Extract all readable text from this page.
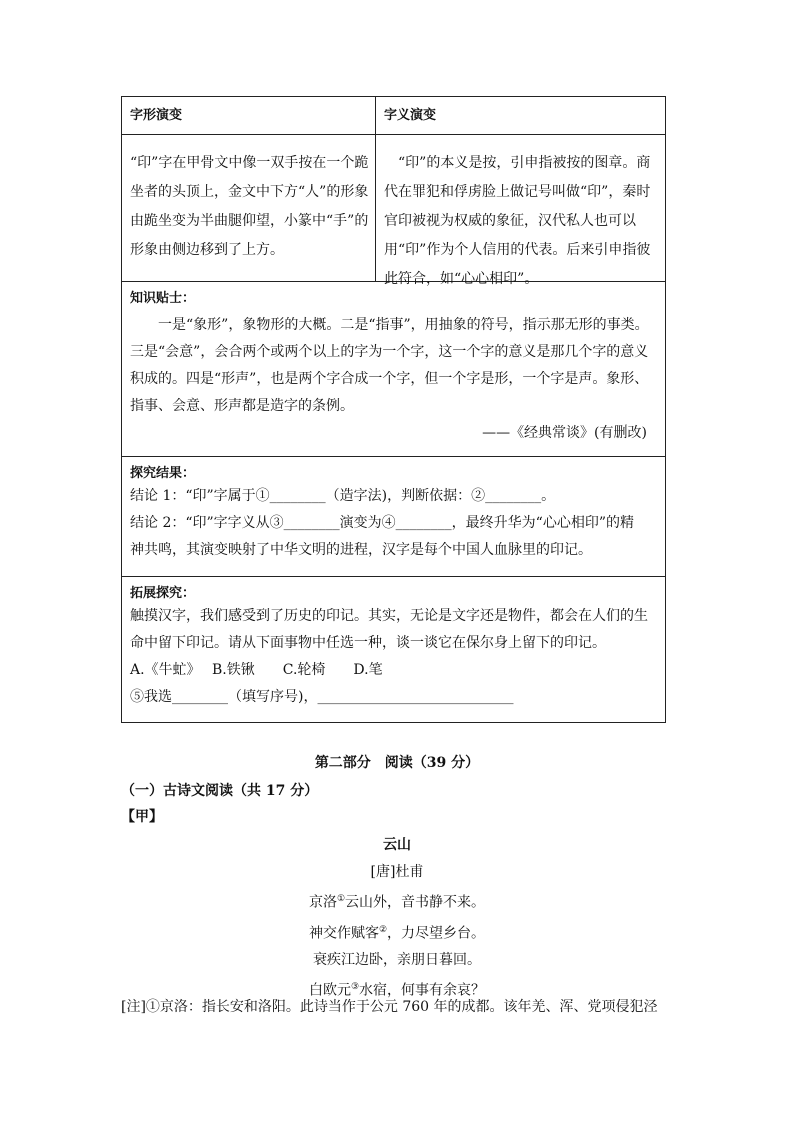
字形演变	字义演变
“印”字在甲骨文中像一双手按在一个跪坐者的头顶上，金文中下方“人”的形象由跪坐变为半曲腿仰望，小篆中“手”的形象由侧边移到了上方。
“印”的本义是按，引申指被按的图章。商代在罪犯和俘虏脸上做记号叫做“印”，秦时官印被视为权威的象征，汉代私人也可以用“印”作为个人信用的代表。后来引申指彼此符合，如“心心相印”。
知识贴士：
一是“象形”，象物形的大概。二是“指事”，用抽象的符号，指示那无形的事类。三是“会意”，会合两个或两个以上的字为一个字，这一个字的意义是那几个字的意义积成的。四是“形声”，也是两个字合成一个字，但一个字是形，一个字是声。象形、指事、会意、形声都是造字的条例。
——《经典常谈》(有删改)
探究结果：
结论 1：“印”字属于①________（造字法)，判断依据：②________。
结论 2：“印”字字义从③________演变为④________，最终升华为“心心相印”的精
神共鸣，其演变映射了中华文明的进程，汉字是每个中国人血脉里的印记。
拓展探究：
触摸汉字，我们感受到了历史的印记。其实，无论是文字还是物件，都会在人们的生
命中留下印记。请从下面事物中任选一种，谈一谈它在保尔身上留下的印记。
A.《牛虻》　 B.铁锹　　C.轮椅　　D.笔
⑤我选________（填写序号)，____________________________
第二部分　阅读（39 分）
（一）古诗文阅读（共 17 分）
【甲】
云山
[唐]杜甫
京洛①云山外，音书静不来。
神交作赋客②，力尽望乡台。
衰疾江边卧，亲朋日暮回。
白欧元③水宿，何事有余哀？
[注]①京洛：指长安和洛阳。此诗当作于公元 760 年的成都。该年羌、浑、党项侵犯泾
